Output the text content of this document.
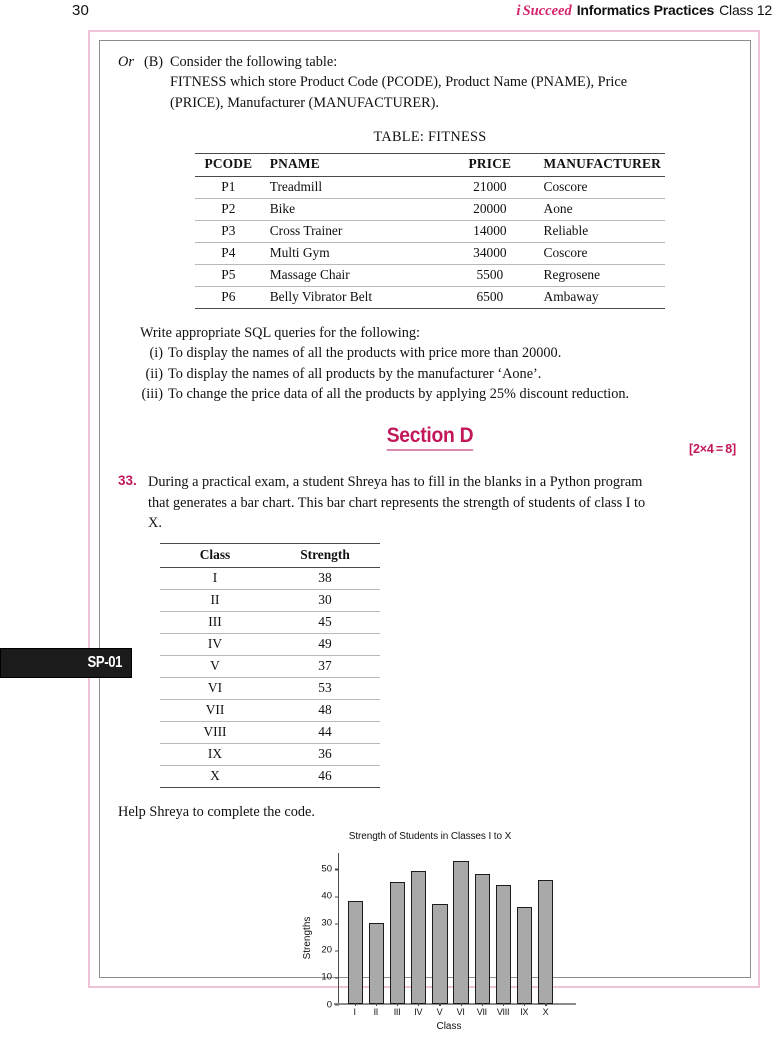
30	i Succeed Informatics Practices Class 12
SP-01
Or (B) Consider the following table:
FITNESS which store Product Code (PCODE), Product Name (PNAME), Price
(PRICE), Manufacturer (MANUFACTURER).
TABLE: FITNESS
PCODE	PNAME	PRICE	MANUFACTURER
P1	Treadmill	21000	Coscore
P2	Bike	20000	Aone
P3	Cross Trainer	14000	Reliable
P4	Multi Gym	34000	Coscore
P5	Massage Chair	5500	Regrosene
P6	Belly Vibrator Belt	6500	Ambaway
Write appropriate SQL queries for the following:
(i) To display the names of all the products with price more than 20000.
(ii) To display the names of all products by the manufacturer ‘Aone’.
(iii) To change the price data of all the products by applying 25% discount reduction.
Section D
[2×4 = 8]
33. During a practical exam, a student Shreya has to fill in the blanks in a Python program
that generates a bar chart. This bar chart represents the strength of students of class I to
X.
Class	Strength
I	38
II	30
III	45
IV	49
V	37
VI	53
VII	48
VIII	44
IX	36
X	46
Help Shreya to complete the code.
Strength of Students in Classes I to X
Strengths
0
10
20
30
40
50
I	II	III	IV	V	VI	VII	VIII	IX	X
Class
